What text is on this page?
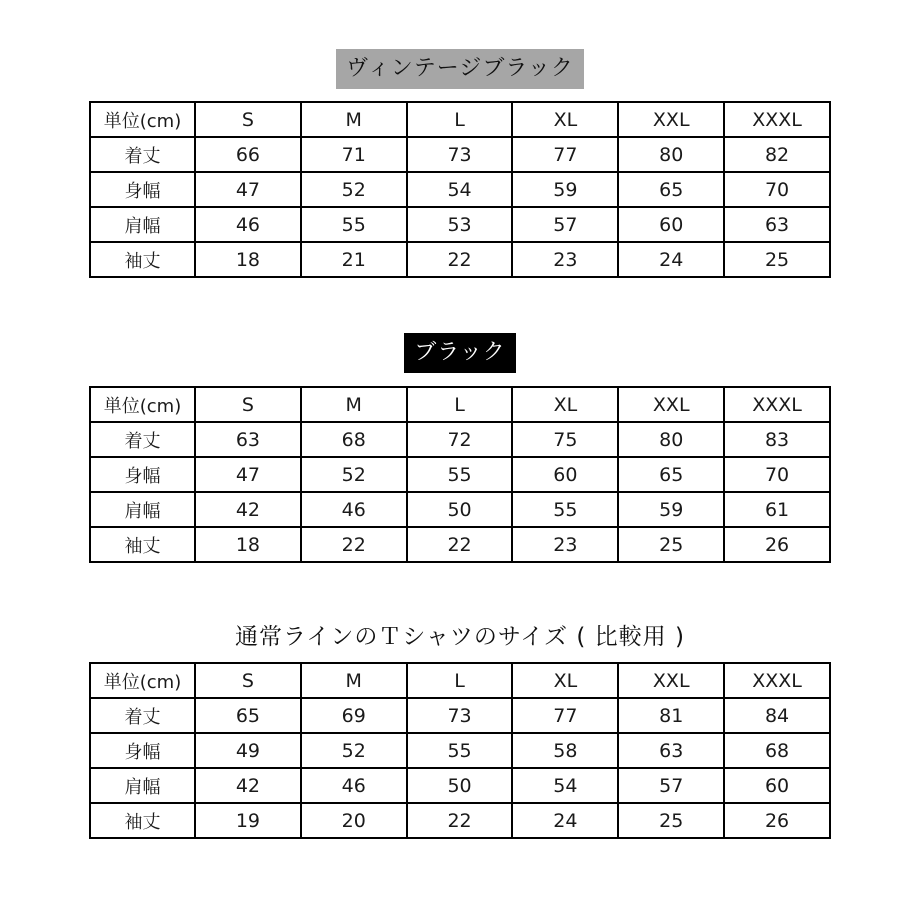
ヴィンテージブラック
単位(cm)	S	M	L	XL	XXL	XXXL
着丈	66	71	73	77	80	82
身幅	47	52	54	59	65	70
肩幅	46	55	53	57	60	63
袖丈	18	21	22	23	24	25
ブラック
単位(cm)	S	M	L	XL	XXL	XXXL
着丈	63	68	72	75	80	83
身幅	47	52	55	60	65	70
肩幅	42	46	50	55	59	61
袖丈	18	22	22	23	25	26
通常ラインのＴシャツのサイズ ( 比較用 )
単位(cm)	S	M	L	XL	XXL	XXXL
着丈	65	69	73	77	81	84
身幅	49	52	55	58	63	68
肩幅	42	46	50	54	57	60
袖丈	19	20	22	24	25	26
